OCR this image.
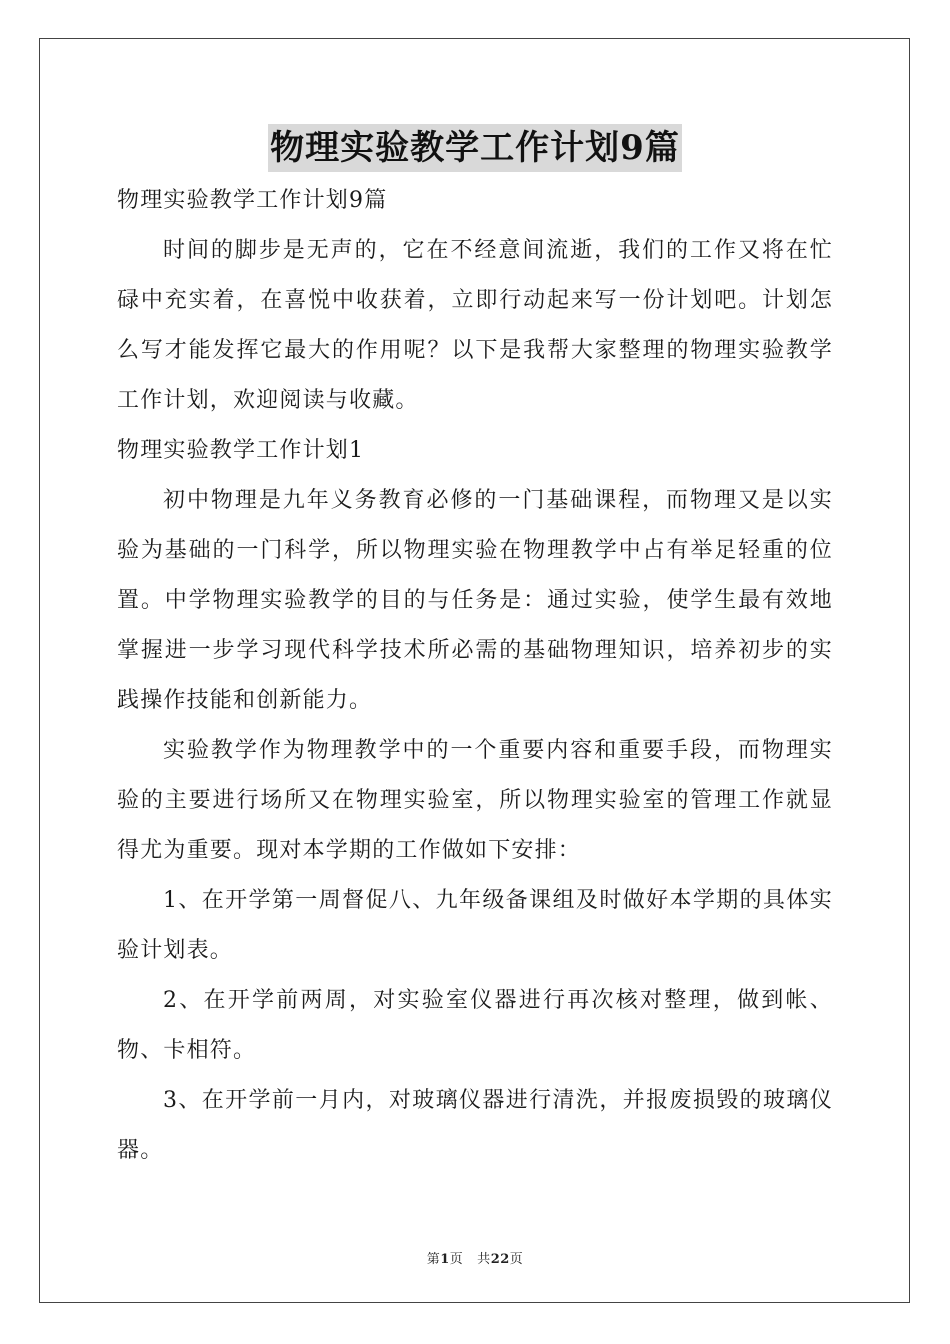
物理实验教学工作计划9篇

物理实验教学工作计划9篇

时间的脚步是无声的，它在不经意间流逝，我们的工作又将在忙碌中充实着，在喜悦中收获着，立即行动起来写一份计划吧。计划怎么写才能发挥它最大的作用呢？以下是我帮大家整理的物理实验教学工作计划，欢迎阅读与收藏。

物理实验教学工作计划1

初中物理是九年义务教育必修的一门基础课程，而物理又是以实验为基础的一门科学，所以物理实验在物理教学中占有举足轻重的位置。中学物理实验教学的目的与任务是：通过实验，使学生最有效地掌握进一步学习现代科学技术所必需的基础物理知识，培养初步的实践操作技能和创新能力。

实验教学作为物理教学中的一个重要内容和重要手段，而物理实验的主要进行场所又在物理实验室，所以物理实验室的管理工作就显得尤为重要。现对本学期的工作做如下安排：

1、在开学第一周督促八、九年级备课组及时做好本学期的具体实验计划表。

2、在开学前两周，对实验室仪器进行再次核对整理，做到帐、物、卡相符。

3、在开学前一月内，对玻璃仪器进行清洗，并报废损毁的玻璃仪器。

第1页 共22页
